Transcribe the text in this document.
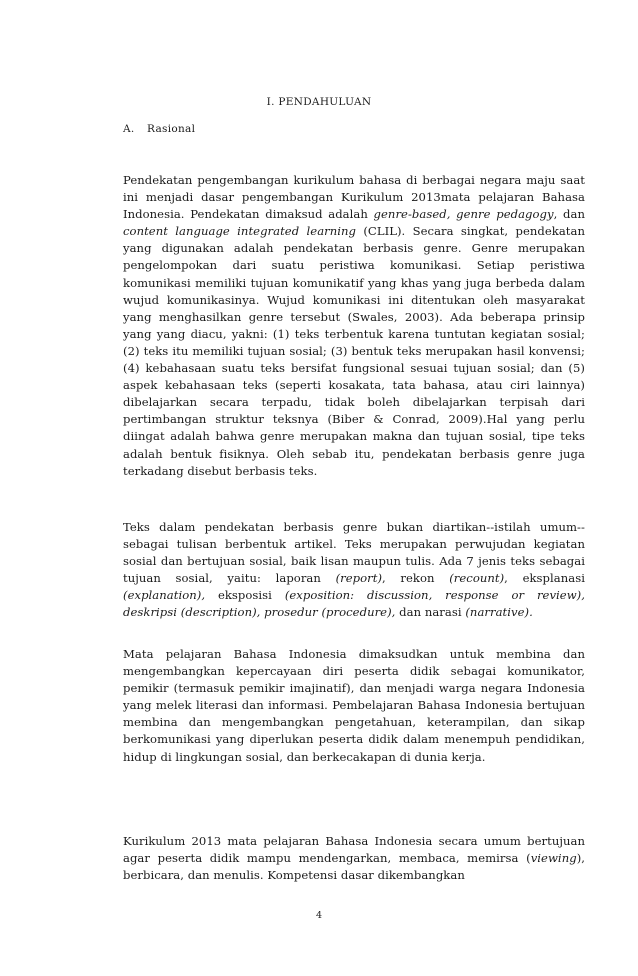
I. PENDAHULUAN
A. Rasional

Pendekatan pengembangan kurikulum bahasa di berbagai negara maju saat ini menjadi dasar pengembangan Kurikulum 2013mata pelajaran Bahasa Indonesia. Pendekatan dimaksud adalah genre-based, genre pedagogy, dan content language integrated learning (CLIL). Secara singkat, pendekatan yang digunakan adalah pendekatan berbasis genre. Genre merupakan pengelompokan dari suatu peristiwa komunikasi. Setiap peristiwa komunikasi memiliki tujuan komunikatif yang khas yang juga berbeda dalam wujud komunikasinya. Wujud komunikasi ini ditentukan oleh masyarakat yang menghasilkan genre tersebut (Swales, 2003). Ada beberapa prinsip yang yang diacu, yakni: (1) teks terbentuk karena tuntutan kegiatan sosial; (2) teks itu memiliki tujuan sosial; (3) bentuk teks merupakan hasil konvensi; (4) kebahasaan suatu teks bersifat fungsional sesuai tujuan sosial; dan (5) aspek kebahasaan teks (seperti kosakata, tata bahasa, atau ciri lainnya) dibelajarkan secara terpadu, tidak boleh dibelajarkan terpisah dari pertimbangan struktur teksnya (Biber & Conrad, 2009).Hal yang perlu diingat adalah bahwa genre merupakan makna dan tujuan sosial, tipe teks adalah bentuk fisiknya. Oleh sebab itu, pendekatan berbasis genre juga terkadang disebut berbasis teks.

Teks dalam pendekatan berbasis genre bukan diartikan--istilah umum--sebagai tulisan berbentuk artikel. Teks merupakan perwujudan kegiatan sosial dan bertujuan sosial, baik lisan maupun tulis. Ada 7 jenis teks sebagai tujuan sosial, yaitu: laporan (report), rekon (recount), eksplanasi (explanation), eksposisi (exposition: discussion, response or review), deskripsi (description), prosedur (procedure), dan narasi (narrative).

Mata pelajaran Bahasa Indonesia dimaksudkan untuk membina dan mengembangkan kepercayaan diri peserta didik sebagai komunikator, pemikir (termasuk pemikir imajinatif), dan menjadi warga negara Indonesia yang melek literasi dan informasi. Pembelajaran Bahasa Indonesia bertujuan membina dan mengembangkan pengetahuan, keterampilan, dan sikap berkomunikasi yang diperlukan peserta didik dalam menempuh pendidikan, hidup di lingkungan sosial, dan berkecakapan di dunia kerja.

Kurikulum 2013 mata pelajaran Bahasa Indonesia secara umum bertujuan agar peserta didik mampu mendengarkan, membaca, memirsa (viewing), berbicara, dan menulis. Kompetensi dasar dikembangkan

4
